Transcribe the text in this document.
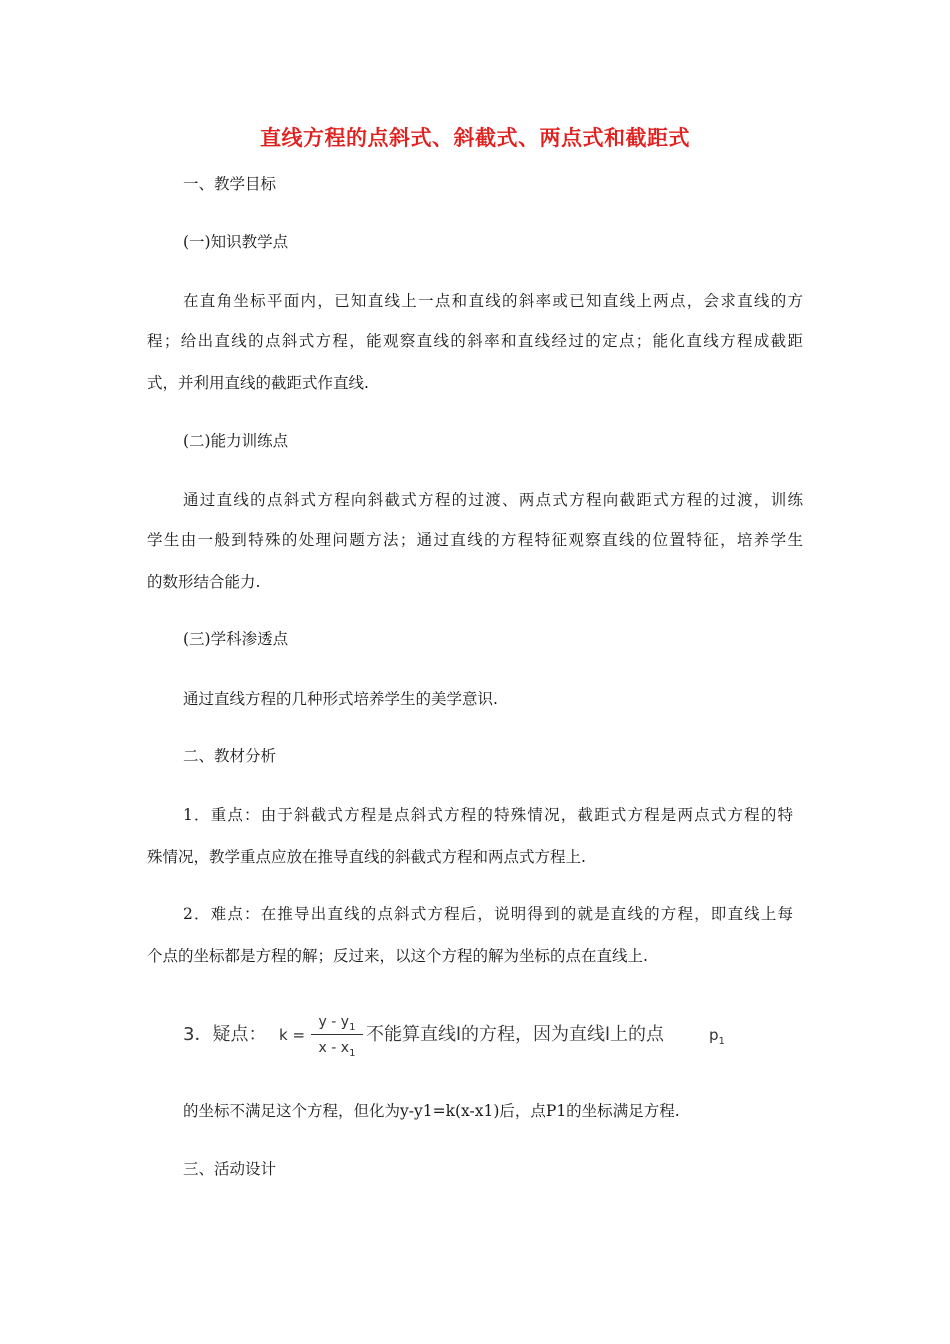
直线方程的点斜式、斜截式、两点式和截距式
一、教学目标
(一)知识教学点
在直角坐标平面内，已知直线上一点和直线的斜率或已知直线上两点，会求直线的方
程；给出直线的点斜式方程，能观察直线的斜率和直线经过的定点；能化直线方程成截距
式，并利用直线的截距式作直线.
(二)能力训练点
通过直线的点斜式方程向斜截式方程的过渡、两点式方程向截距式方程的过渡，训练
学生由一般到特殊的处理问题方法；通过直线的方程特征观察直线的位置特征，培养学生
的数形结合能力.
(三)学科渗透点
通过直线方程的几种形式培养学生的美学意识.
二、教材分析
1．重点：由于斜截式方程是点斜式方程的特殊情况，截距式方程是两点式方程的特
殊情况，教学重点应放在推导直线的斜截式方程和两点式方程上.
2．难点：在推导出直线的点斜式方程后，说明得到的就是直线的方程，即直线上每
个点的坐标都是方程的解；反过来，以这个方程的解为坐标的点在直线上.
3．疑点： k =
y - $y_1$
x - $x_1$
不能算直线l的方程，因为直线l上的点	$p_1$
的坐标不满足这个方程，但化为y-y1=k(x-x1)后，点P1的坐标满足方程.
三、活动设计
